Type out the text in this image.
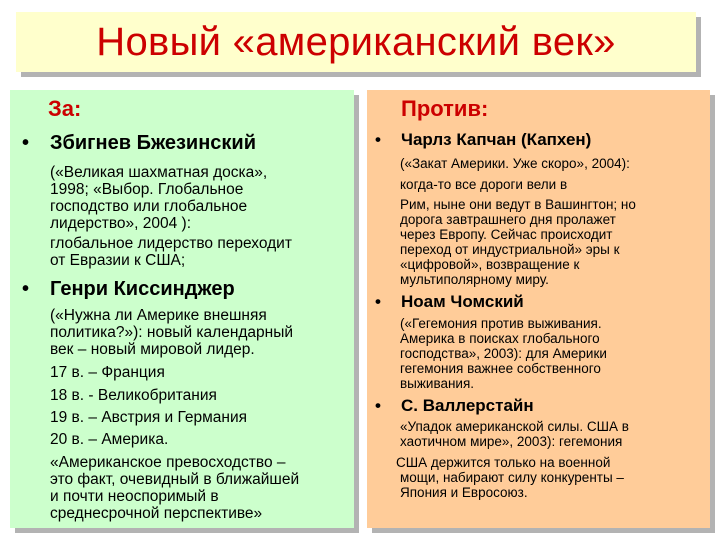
Новый «американский век»
За:
• Збигнев Бжезинский

(«Великая шахматная доска»,

1998; «Выбор. Глобальное

господство или глобальное

лидерство», 2004 ):

глобальное лидерство переходит

от Евразии к США;

• Генри Киссинджер

(«Нужна ли Америке внешняя

политика?»): новый календарный

век – новый мировой лидер.

17 в. – Франция

18 в. - Великобритания

19 в. – Австрия и Германия

20 в. – Америка.

«Американское превосходство –

это факт, очевидный в ближайшей

и почти неоспоримый в

среднесрочной перспективе»

Против:
• Чарлз Капчан (Капхен)

(«Закат Америки. Уже скоро», 2004):

когда-то все дороги вели в

Рим, ныне они ведут в Вашингтон; но

дорога завтрашнего дня пролажет

через Европу. Сейчас происходит

переход от индустриальной» эры к

«цифровой», возвращение к

мультиполярному миру.

• Ноам Чомский

(«Гегемония против выживания.

Америка в поисках глобального

господства», 2003): для Америки

гегемония важнее собственного

выживания.

• С. Валлерстайн

«Упадок американской силы. США в

хаотичном мире», 2003): гегемония

США держится только на военной

мощи, набирают силу конкуренты –

Япония и Евросоюз.
